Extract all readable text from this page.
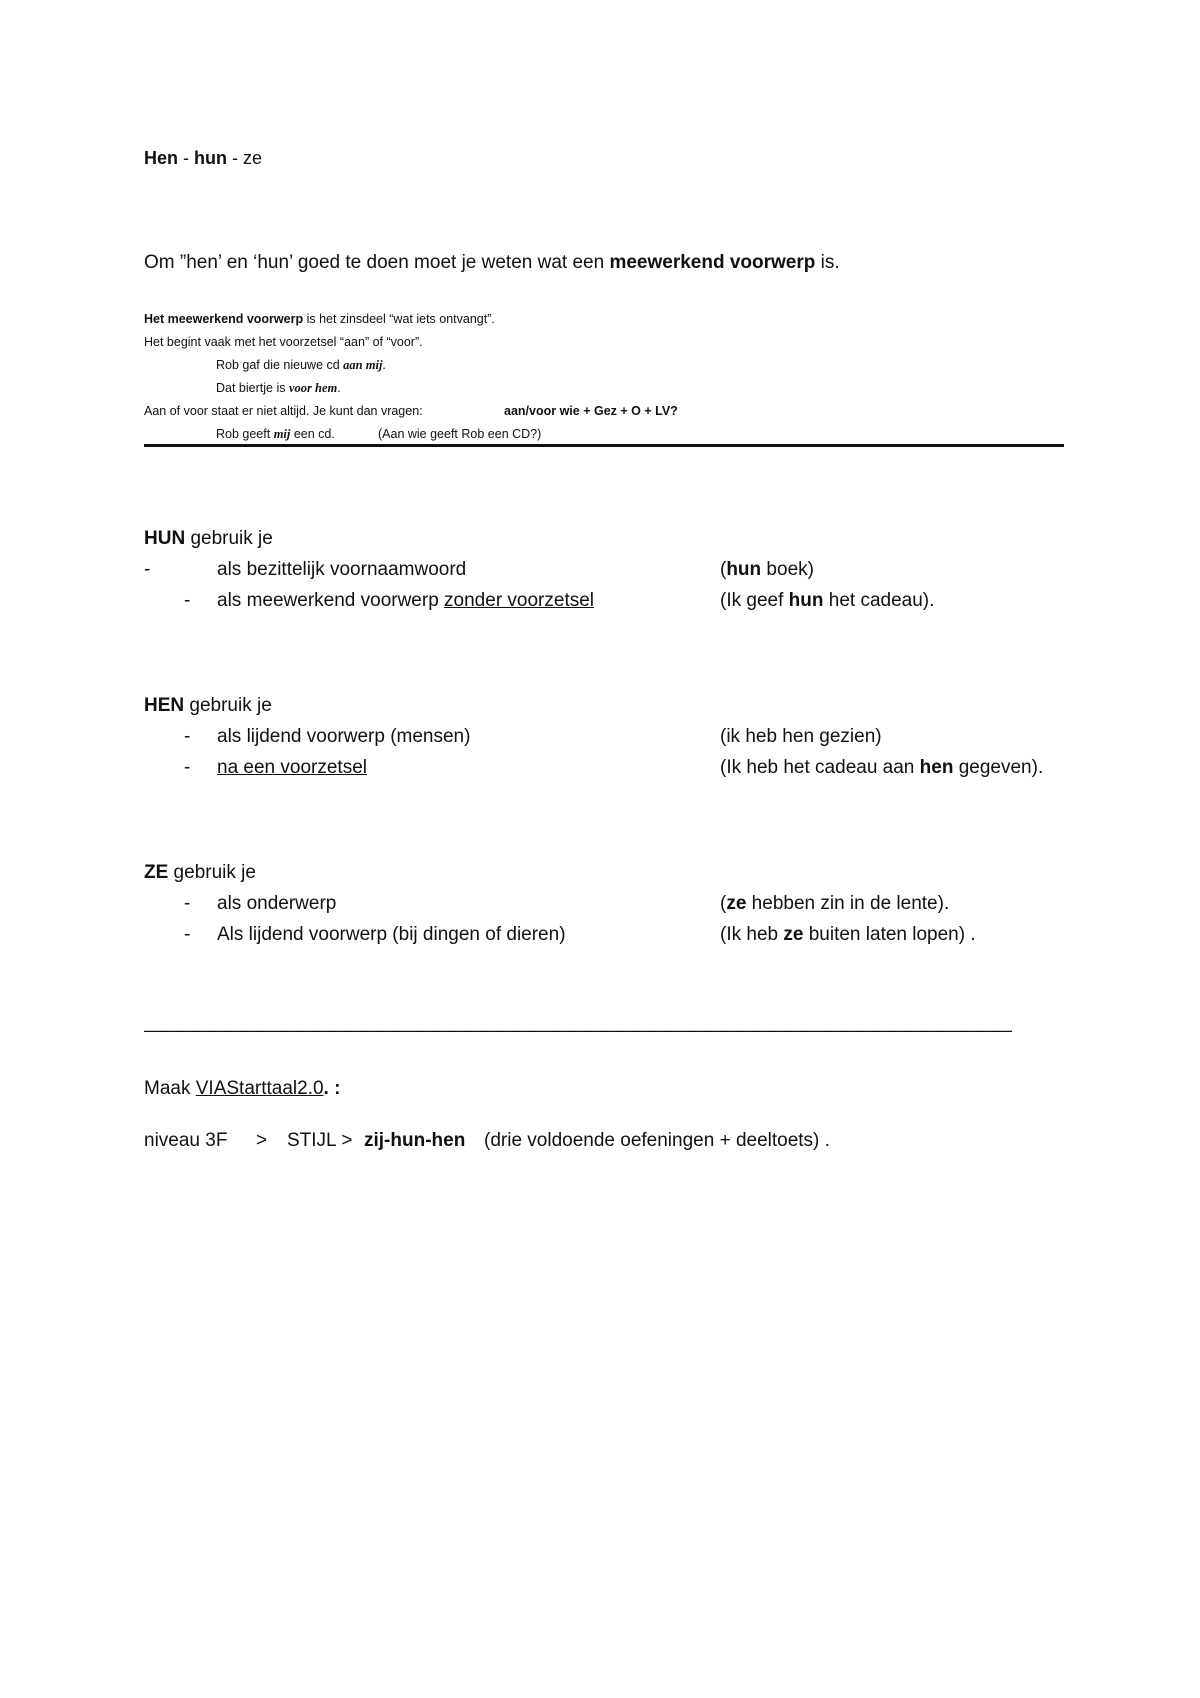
Hen - hun - ze
Om ”hen’ en ‘hun’ goed te doen moet je weten wat een meewerkend voorwerp is.
Het meewerkend voorwerp is het zinsdeel “wat iets ontvangt”.
Het begint vaak met het voorzetsel “aan” of “voor”.
Rob gaf die nieuwe cd aan mij.
Dat biertje is voor hem.
Aan of voor staat er niet altijd. Je kunt dan vragen:	aan/voor wie + Gez + O + LV?
Rob geeft mij een cd.	(Aan wie geeft Rob een CD?)
HUN gebruik je
-	als bezittelijk voornaamwoord	(hun boek)
- als meewerkend voorwerp zonder voorzetsel	(Ik geef hun het cadeau).
HEN gebruik je
- als lijdend voorwerp (mensen)	(ik heb hen gezien)
- na een voorzetsel	(Ik heb het cadeau aan hen gegeven).
ZE gebruik je
- als onderwerp	(ze hebben zin in de lente).
- Als lijdend voorwerp (bij dingen of dieren)	(Ik heb ze buiten laten lopen) .
———————————————————————————————————————————————————
Maak VIAStarttaal2.0. :
niveau 3F > STIJL > zij-hun-hen (drie voldoende oefeningen + deeltoets) .
